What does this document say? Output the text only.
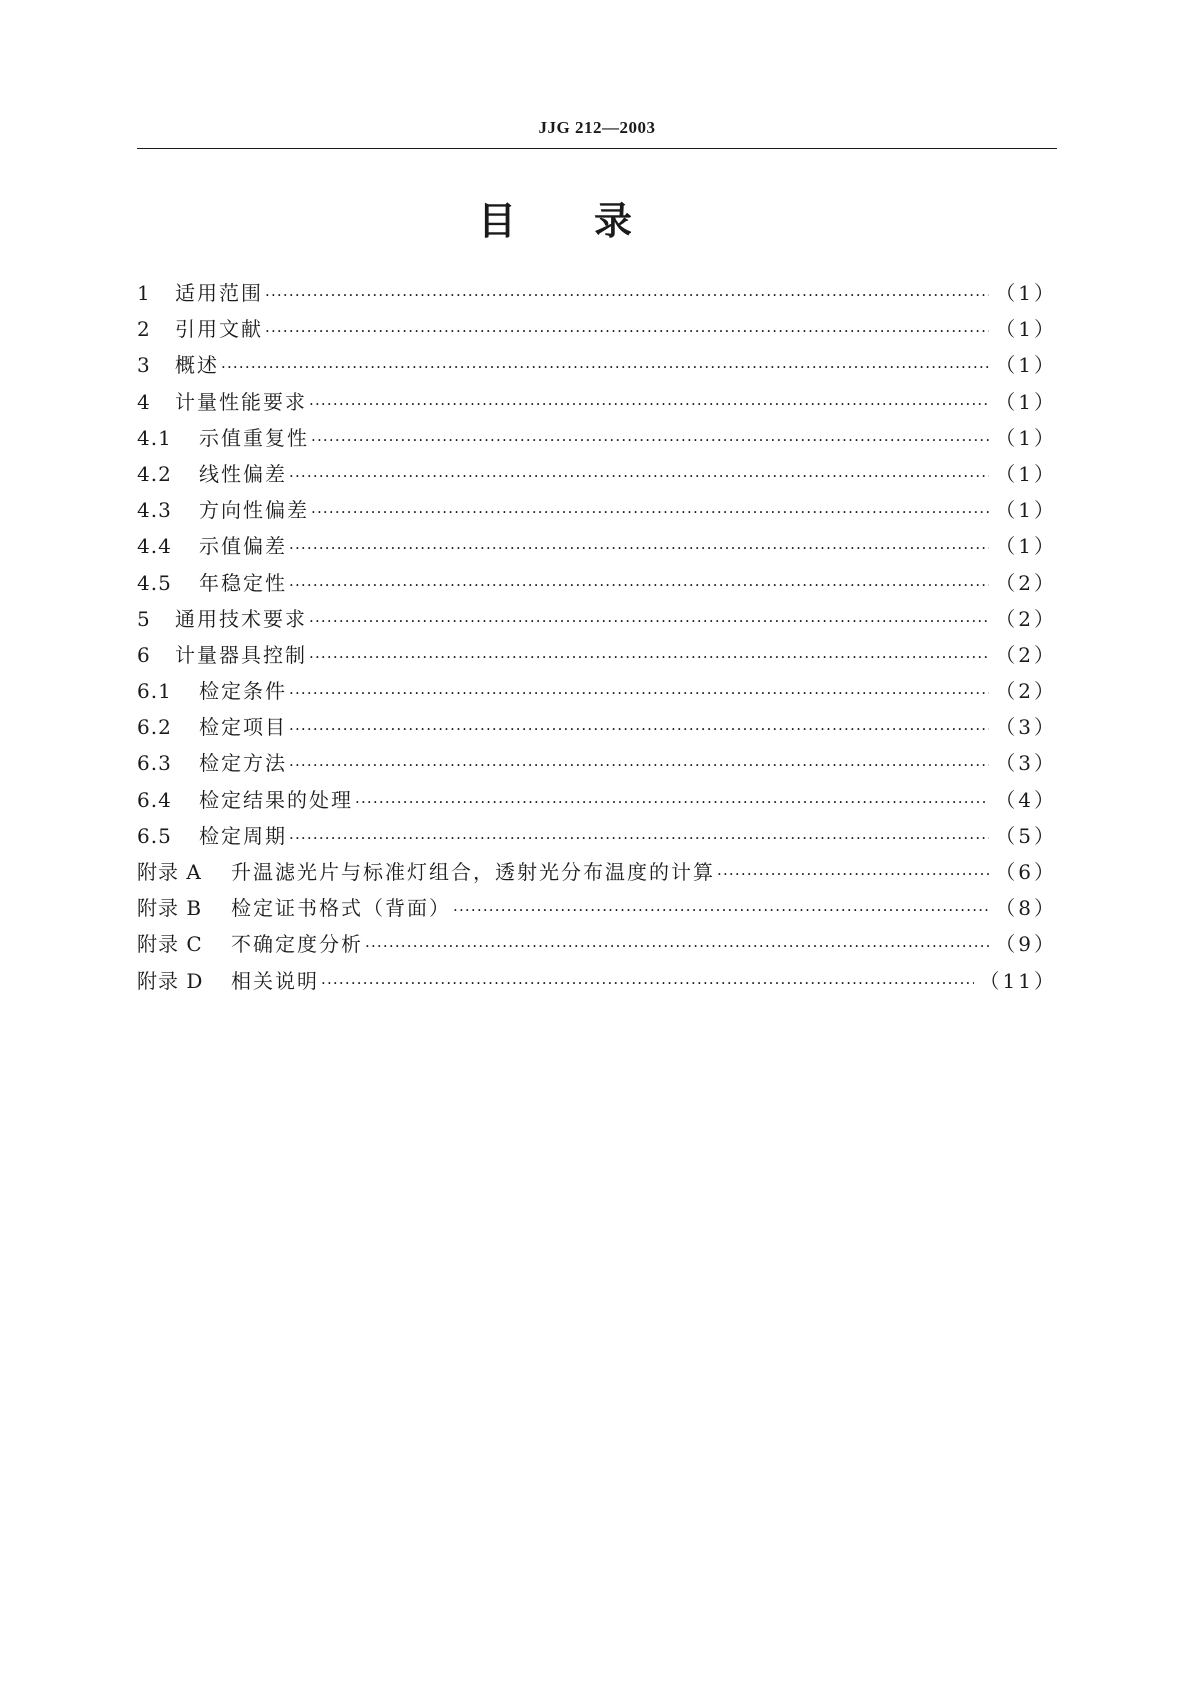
JJG 212—2003
目 录
1	适用范围 ·····	（1）
2	引用文献 ·····	（1）
3	概述 ·····	（1）
4	计量性能要求 ·····	（1）
4.1	示值重复性 ·····	（1）
4.2	线性偏差 ·····	（1）
4.3	方向性偏差 ·····	（1）
4.4	示值偏差 ·····	（1）
4.5	年稳定性 ·····	（2）
5	通用技术要求 ·····	（2）
6	计量器具控制 ·····	（2）
6.1	检定条件 ·····	（2）
6.2	检定项目 ·····	（3）
6.3	检定方法 ·····	（3）
6.4	检定结果的处理 ·····	（4）
6.5	检定周期 ·····	（5）
附录 A	升温滤光片与标准灯组合，透射光分布温度的计算 ·····	（6）
附录 B	检定证书格式（背面） ·····	（8）
附录 C	不确定度分析 ·····	（9）
附录 D	相关说明 ·····	（11）
